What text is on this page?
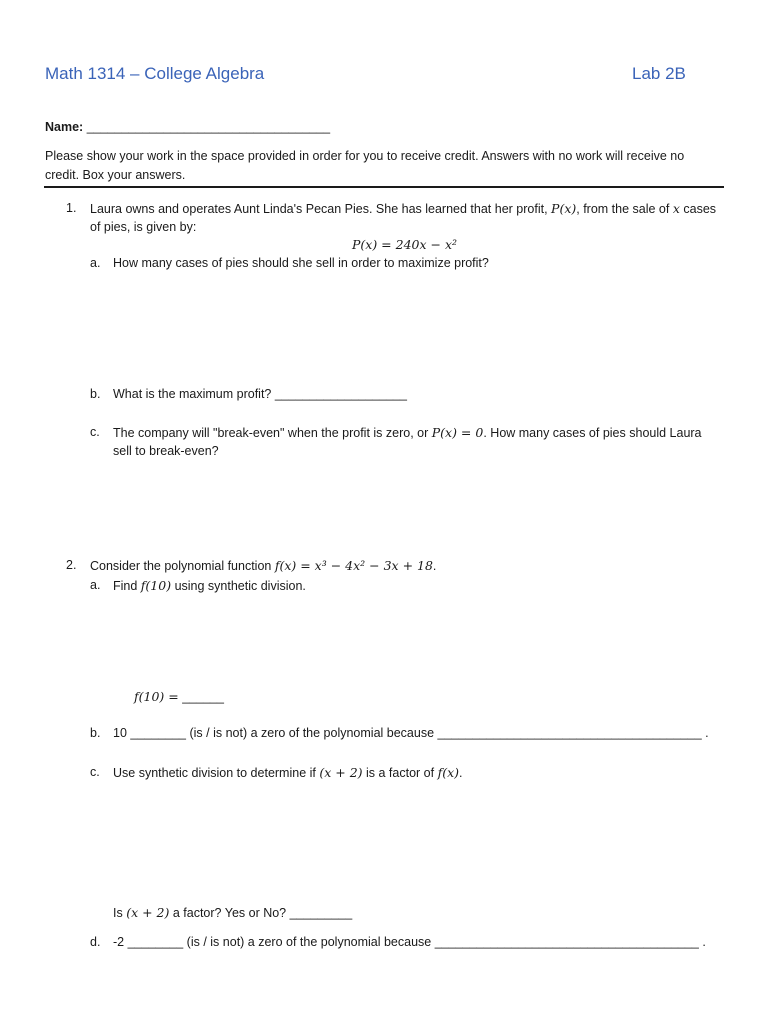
Math 1314 – College Algebra	Lab 2B
Name: ___________________________________
Please show your work in the space provided in order for you to receive credit. Answers with no work will receive no
credit. Box your answers.
1. Laura owns and operates Aunt Linda's Pecan Pies. She has learned that her profit, P(x), from the sale of x cases
of pies, is given by:
P(x) = 240x − x²
a. How many cases of pies should she sell in order to maximize profit?
b. What is the maximum profit? ___________________
c. The company will "break-even" when the profit is zero, or P(x) = 0. How many cases of pies should Laura
sell to break-even?
2. Consider the polynomial function f(x) = x³ − 4x² − 3x + 18.
a. Find f(10) using synthetic division.
f(10) = ______
b. 10 ________ (is / is not) a zero of the polynomial because ______________________________________ .
c. Use synthetic division to determine if (x + 2) is a factor of f(x).
Is (x + 2) a factor? Yes or No? _________
d. -2 ________ (is / is not) a zero of the polynomial because ______________________________________ .
